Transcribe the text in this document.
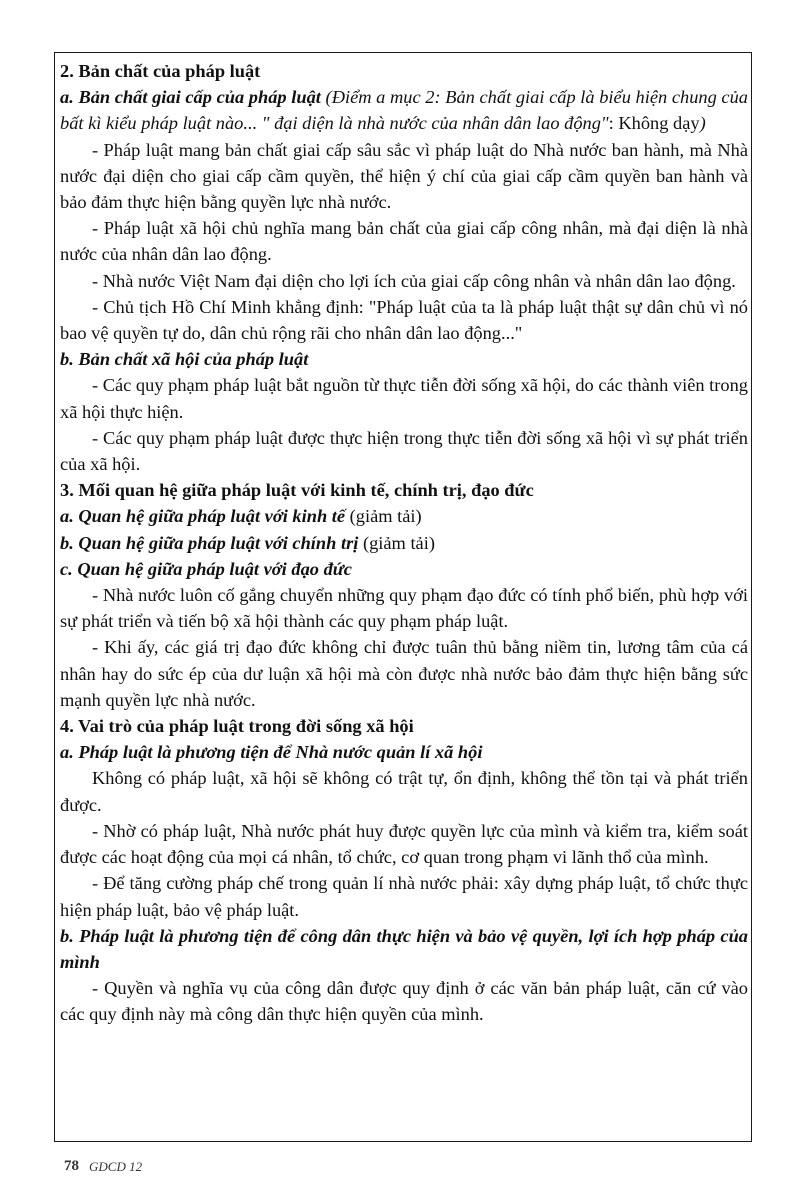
2. Bản chất của pháp luật

a. Bản chất giai cấp của pháp luật (Điểm a mục 2: Bản chất giai cấp là biểu hiện chung của bất kì kiểu pháp luật nào... " đại diện là nhà nước của nhân dân lao động": Không dạy)

- Pháp luật mang bản chất giai cấp sâu sắc vì pháp luật do Nhà nước ban hành, mà Nhà nước đại diện cho giai cấp cầm quyền, thể hiện ý chí của giai cấp cầm quyền ban hành và bảo đảm thực hiện bằng quyền lực nhà nước.

- Pháp luật xã hội chủ nghĩa mang bản chất của giai cấp công nhân, mà đại diện là nhà nước của nhân dân lao động.

- Nhà nước Việt Nam đại diện cho lợi ích của giai cấp công nhân và nhân dân lao động.

- Chủ tịch Hồ Chí Minh khẳng định: "Pháp luật của ta là pháp luật thật sự dân chủ vì nó bao vệ quyền tự do, dân chủ rộng rãi cho nhân dân lao động..."

b. Bản chất xã hội của pháp luật

- Các quy phạm pháp luật bắt nguồn từ thực tiễn đời sống xã hội, do các thành viên trong xã hội thực hiện.

- Các quy phạm pháp luật được thực hiện trong thực tiễn đời sống xã hội vì sự phát triển của xã hội.

3. Mối quan hệ giữa pháp luật với kinh tế, chính trị, đạo đức

a. Quan hệ giữa pháp luật với kinh tế (giảm tải)

b. Quan hệ giữa pháp luật với chính trị (giảm tải)

c. Quan hệ giữa pháp luật với đạo đức

- Nhà nước luôn cố gắng chuyển những quy phạm đạo đức có tính phổ biến, phù hợp với sự phát triển và tiến bộ xã hội thành các quy phạm pháp luật.

- Khi ấy, các giá trị đạo đức không chỉ được tuân thủ bằng niềm tin, lương tâm của cá nhân hay do sức ép của dư luận xã hội mà còn được nhà nước bảo đảm thực hiện bằng sức mạnh quyền lực nhà nước.

4. Vai trò của pháp luật trong đời sống xã hội

a. Pháp luật là phương tiện để Nhà nước quản lí xã hội

Không có pháp luật, xã hội sẽ không có trật tự, ổn định, không thể tồn tại và phát triển được.

- Nhờ có pháp luật, Nhà nước phát huy được quyền lực của mình và kiểm tra, kiểm soát được các hoạt động của mọi cá nhân, tổ chức, cơ quan trong phạm vi lãnh thổ của mình.

- Để tăng cường pháp chế trong quản lí nhà nước phải: xây dựng pháp luật, tổ chức thực hiện pháp luật, bảo vệ pháp luật.

b. Pháp luật là phương tiện để công dân thực hiện và bảo vệ quyền, lợi ích hợp pháp của mình

- Quyền và nghĩa vụ của công dân được quy định ở các văn bản pháp luật, căn cứ vào các quy định này mà công dân thực hiện quyền của mình.

78 GDCD 12
